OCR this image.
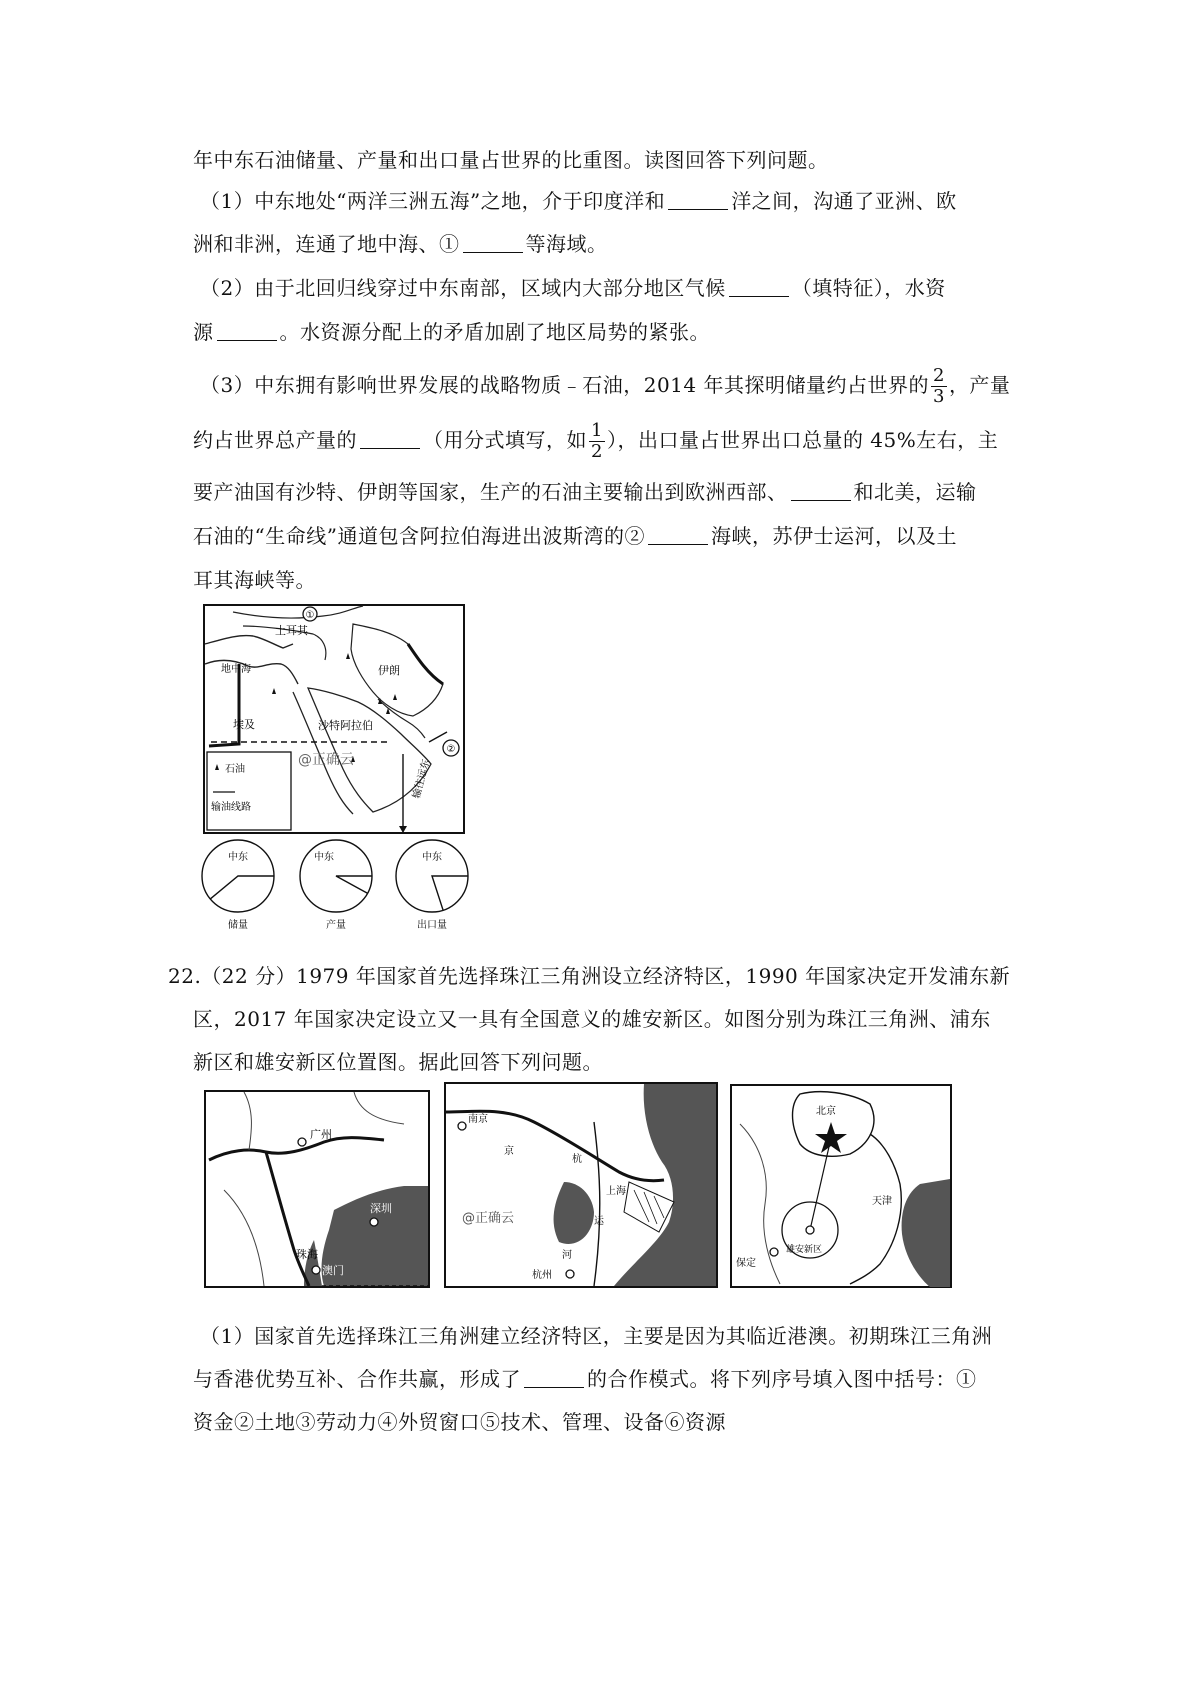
年中东石油储量、产量和出口量占世界的比重图。读图回答下列问题。
（1）中东地处“两洋三洲五海”之地，介于印度洋和	洋之间，沟通了亚洲、欧
洲和非洲，连通了地中海、①	等海域。
（2）由于北回归线穿过中东南部，区域内大部分地区气候	（填特征），水资
源	。水资源分配上的矛盾加剧了地区局势的紧张。
（3）中东拥有影响世界发展的战略物质﹣石油，2014 年其探明储量约占世界的 $\frac{2}{3}$ ，产量
约占世界总产量的	（用分式填写，如 $\frac{1}{2}$ ），出口量占世界出口总量的 45%左右，主
要产油国有沙特、伊朗等国家，生产的石油主要输出到欧洲西部、	和北美，运输
石油的“生命线”通道包含阿拉伯海进出波斯湾的②	海峡，苏伊士运河，以及土
耳其海峡等。
①
②
土耳其
地中海	伊朗
埃及	沙特阿拉伯
@正确云	输往远东
石油
输油线路
中东
储量
中东
产量
中东
出口量
22.（22 分）1979 年国家首先选择珠江三角洲设立经济特区，1990 年国家决定开发浦东新
区，2017 年国家决定设立又一具有全国意义的雄安新区。如图分别为珠江三角洲、浦东
新区和雄安新区位置图。据此回答下列问题。
广州
深圳
珠海
澳门
南京
京
杭
上海
运
河
@正确云
杭州
北京
天津
雄安新区
保定
（1）国家首先选择珠江三角洲建立经济特区，主要是因为其临近港澳。初期珠江三角洲
与香港优势互补、合作共赢，形成了	的合作模式。将下列序号填入图中括号：①
资金②土地③劳动力④外贸窗口⑤技术、管理、设备⑥资源
